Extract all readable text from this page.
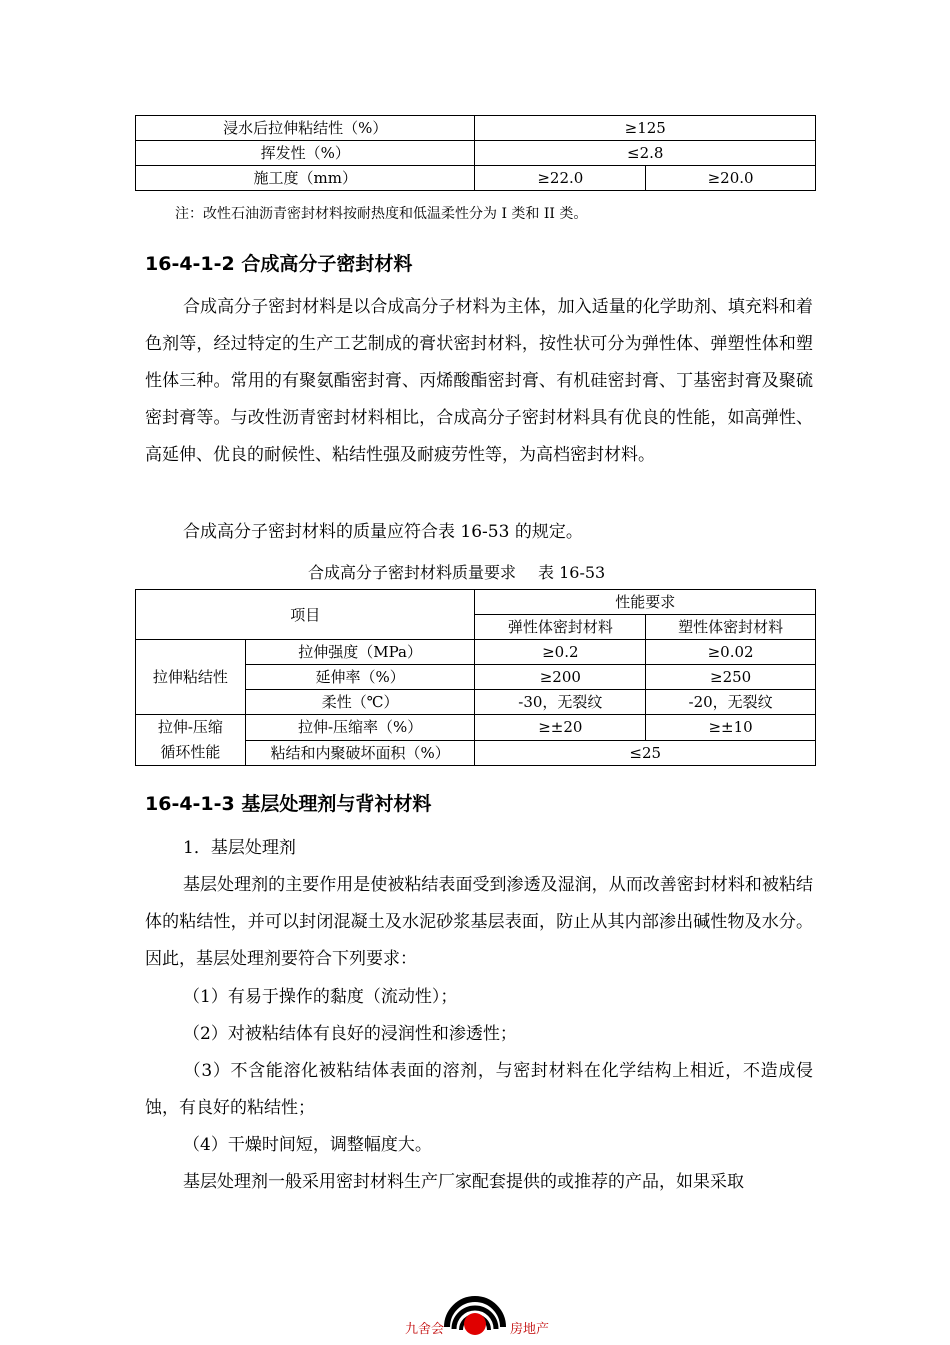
浸水后拉伸粘结性（%）	≥125	
挥发性（%）	≤2.8	
施工度（mm）	≥22.0	≥20.0
注：改性石油沥青密封材料按耐热度和低温柔性分为 I 类和 II 类。
16-4-1-2 合成高分子密封材料
合成高分子密封材料是以合成高分子材料为主体，加入适量的化学助剂、填充料和着色剂等，经过特定的生产工艺制成的膏状密封材料，按性状可分为弹性体、弹塑性体和塑性体三种。常用的有聚氨酯密封膏、丙烯酸酯密封膏、有机硅密封膏、丁基密封膏及聚硫密封膏等。与改性沥青密封材料相比，合成高分子密封材料具有优良的性能，如高弹性、高延伸、优良的耐候性、粘结性强及耐疲劳性等，为高档密封材料。
合成高分子密封材料的质量应符合表 16-53 的规定。
合成高分子密封材料质量要求 表 16-53
项目		性能要求	
		弹性体密封材料	塑性体密封材料
拉伸粘结性	拉伸强度（MPa）	≥0.2	≥0.02
	延伸率（%）	≥200	≥250
	柔性（℃）	-30，无裂纹	-20，无裂纹

拉伸-压缩
循环性能	拉伸-压缩率（%）	≥±20	≥±10
	粘结和内聚破坏面积（%）	≤25	
16-4-1-3 基层处理剂与背衬材料
1．基层处理剂
基层处理剂的主要作用是使被粘结表面受到渗透及湿润，从而改善密封材料和被粘结体的粘结性，并可以封闭混凝土及水泥砂浆基层表面，防止从其内部渗出碱性物及水分。因此，基层处理剂要符合下列要求：
（1）有易于操作的黏度（流动性）；
（2）对被粘结体有良好的浸润性和渗透性；
（3）不含能溶化被粘结体表面的溶剂，与密封材料在化学结构上相近，不造成侵蚀，有良好的粘结性；
（4）干燥时间短，调整幅度大。
基层处理剂一般采用密封材料生产厂家配套提供的或推荐的产品，如果采取
九舍会	房地产
